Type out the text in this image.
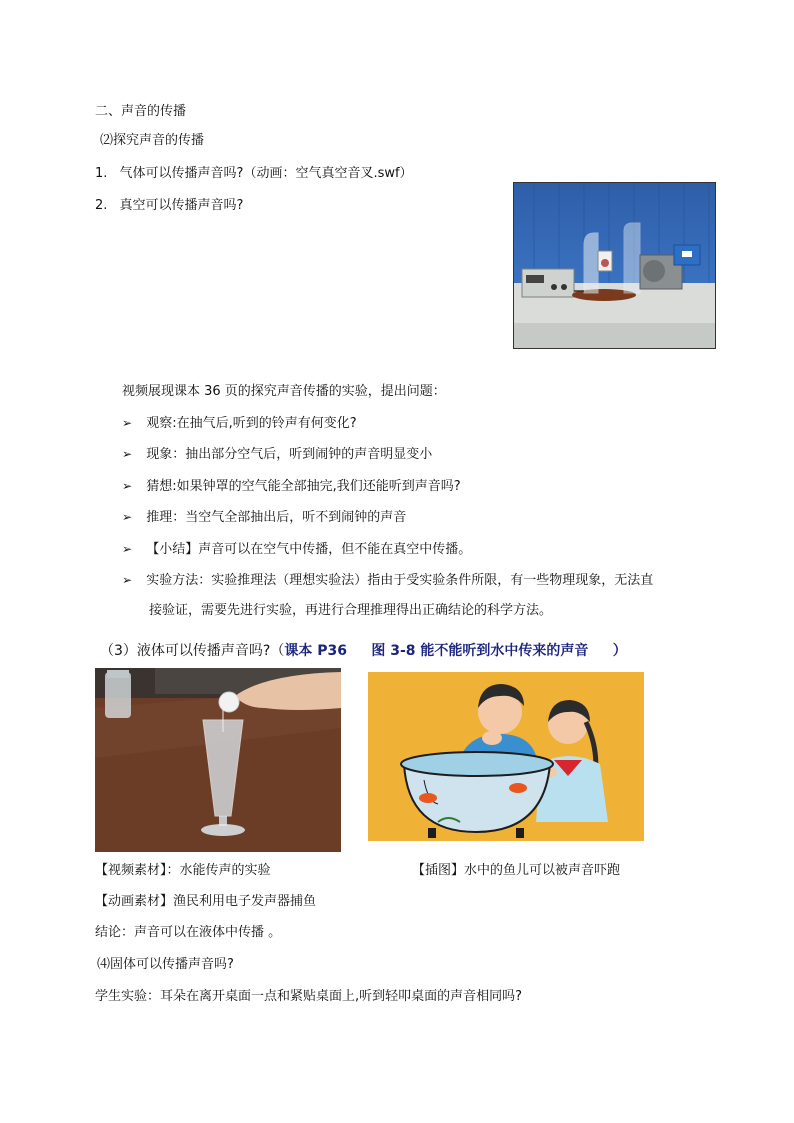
二、声音的传播
⑵探究声音的传播
1. 气体可以传播声音吗?（动画：空气真空音叉.swf）
2. 真空可以传播声音吗?
视频展现课本 36 页的探究声音传播的实验，提出问题：
➢ 观察:在抽气后,听到的铃声有何变化?
➢ 现象：抽出部分空气后，听到闹钟的声音明显变小
➢ 猜想:如果钟罩的空气能全部抽完,我们还能听到声音吗?
➢ 推理：当空气全部抽出后，听不到闹钟的声音
➢ 【小结】声音可以在空气中传播，但不能在真空中传播。
➢ 实验方法：实验推理法（理想实验法）指由于受实验条件所限，有一些物理现象，无法直
接验证，需要先进行实验，再进行合理推理得出正确结论的科学方法。
（3）液体可以传播声音吗?（课本 P36     图 3-8 能不能听到水中传来的声音     ）
【视频素材】：水能传声的实验	【插图】水中的鱼儿可以被声音吓跑
【动画素材】渔民利用电子发声器捕鱼
结论：声音可以在液体中传播 。
⑷固体可以传播声音吗?
学生实验：耳朵在离开桌面一点和紧贴桌面上,听到轻叩桌面的声音相同吗?
